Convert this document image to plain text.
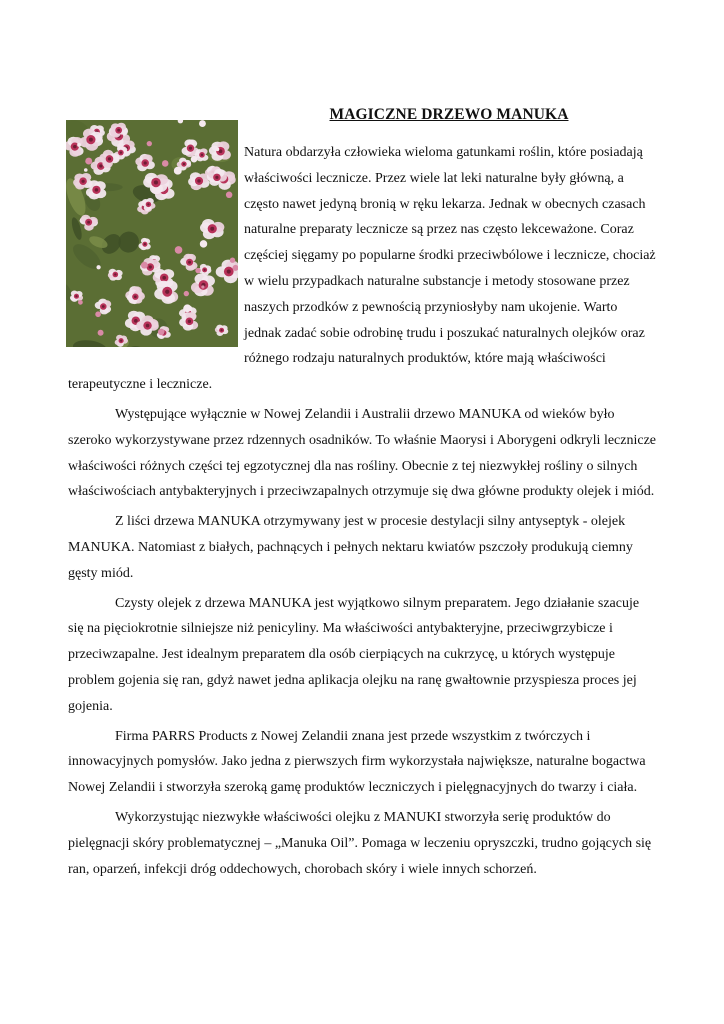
MAGICZNE DRZEWO MANUKA

Natura obdarzyła człowieka wieloma gatunkami roślin, które posiadają właściwości lecznicze. Przez wiele lat leki naturalne były główną, a często nawet jedyną bronią w ręku lekarza. Jednak w obecnych czasach naturalne preparaty lecznicze są przez nas często lekceważone. Coraz częściej sięgamy po popularne środki przeciwbólowe i lecznicze, chociaż w wielu przypadkach naturalne substancje i metody stosowane przez naszych przodków z pewnością przyniosłyby nam ukojenie. Warto jednak zadać sobie odrobinę trudu i poszukać naturalnych olejków oraz różnego rodzaju naturalnych produktów, które mają właściwości terapeutyczne i lecznicze.

Występujące wyłącznie w Nowej Zelandii i Australii drzewo MANUKA od wieków było szeroko wykorzystywane przez rdzennych osadników. To właśnie Maorysi i Aborygeni odkryli lecznicze właściwości różnych części tej egzotycznej dla nas rośliny. Obecnie z tej niezwykłej rośliny o silnych właściwościach antybakteryjnych i przeciwzapalnych otrzymuje się dwa główne produkty olejek i miód.

Z liści drzewa MANUKA otrzymywany jest w procesie destylacji silny antyseptyk - olejek MANUKA. Natomiast z białych, pachnących i pełnych nektaru kwiatów pszczoły produkują ciemny gęsty miód.

Czysty olejek z drzewa MANUKA jest wyjątkowo silnym preparatem. Jego działanie szacuje się na pięciokrotnie silniejsze niż penicyliny. Ma właściwości antybakteryjne, przeciwgrzybicze i przeciwzapalne. Jest idealnym preparatem dla osób cierpiących na cukrzycę, u których występuje problem gojenia się ran, gdyż nawet jedna aplikacja olejku na ranę gwałtownie przyspiesza proces jej gojenia.

Firma PARRS Products z Nowej Zelandii znana jest przede wszystkim z twórczych i innowacyjnych pomysłów. Jako jedna z pierwszych firm wykorzystała największe, naturalne bogactwa Nowej Zelandii i stworzyła szeroką gamę produktów leczniczych i pielęgnacyjnych do twarzy i ciała.

Wykorzystując niezwykłe właściwości olejku z MANUKI stworzyła serię produktów do pielęgnacji skóry problematycznej – „Manuka Oil”. Pomaga w leczeniu opryszczki, trudno gojących się ran, oparzeń, infekcji dróg oddechowych, chorobach skóry i wiele innych schorzeń.
